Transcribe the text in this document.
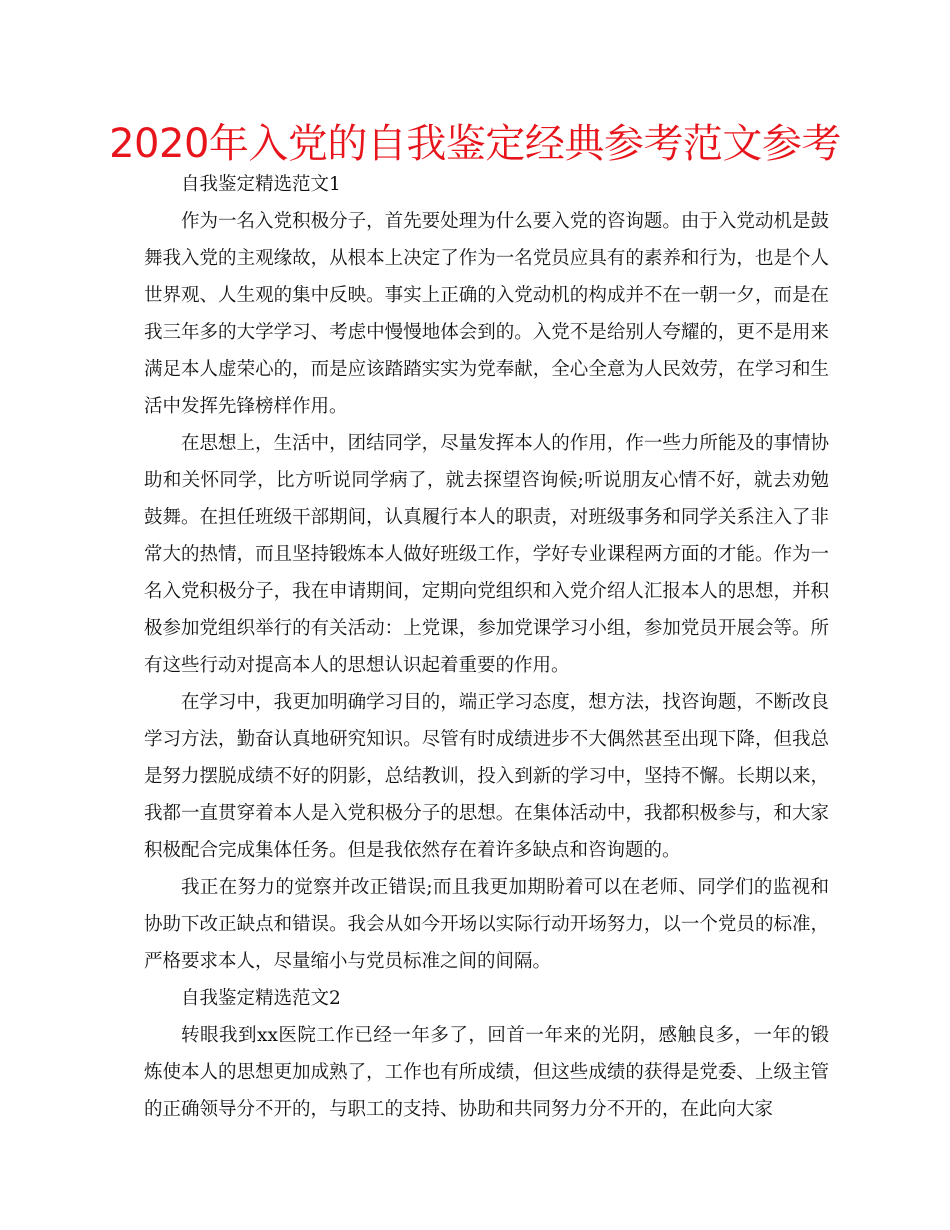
2020年入党的自我鉴定经典参考范文参考

自我鉴定精选范文1

作为一名入党积极分子，首先要处理为什么要入党的咨询题。由于入党动机是鼓舞我入党的主观缘故，从根本上决定了作为一名党员应具有的素养和行为，也是个人世界观、人生观的集中反映。事实上正确的入党动机的构成并不在一朝一夕，而是在我三年多的大学学习、考虑中慢慢地体会到的。入党不是给别人夸耀的，更不是用来满足本人虚荣心的，而是应该踏踏实实为党奉献，全心全意为人民效劳，在学习和生活中发挥先锋榜样作用。

在思想上，生活中，团结同学，尽量发挥本人的作用，作一些力所能及的事情协助和关怀同学，比方听说同学病了，就去探望咨询候;听说朋友心情不好，就去劝勉鼓舞。在担任班级干部期间，认真履行本人的职责，对班级事务和同学关系注入了非常大的热情，而且坚持锻炼本人做好班级工作，学好专业课程两方面的才能。作为一名入党积极分子，我在申请期间，定期向党组织和入党介绍人汇报本人的思想，并积极参加党组织举行的有关活动：上党课，参加党课学习小组，参加党员开展会等。所有这些行动对提高本人的思想认识起着重要的作用。

在学习中，我更加明确学习目的，端正学习态度，想方法，找咨询题，不断改良学习方法，勤奋认真地研究知识。尽管有时成绩进步不大偶然甚至出现下降，但我总是努力摆脱成绩不好的阴影，总结教训，投入到新的学习中，坚持不懈。长期以来，我都一直贯穿着本人是入党积极分子的思想。在集体活动中，我都积极参与，和大家积极配合完成集体任务。但是我依然存在着许多缺点和咨询题的。

我正在努力的觉察并改正错误;而且我更加期盼着可以在老师、同学们的监视和协助下改正缺点和错误。我会从如今开场以实际行动开场努力，以一个党员的标准，严格要求本人，尽量缩小与党员标准之间的间隔。

自我鉴定精选范文2

转眼我到xx医院工作已经一年多了，回首一年来的光阴，感触良多，一年的锻炼使本人的思想更加成熟了，工作也有所成绩，但这些成绩的获得是党委、上级主管的正确领导分不开的，与职工的支持、协助和共同努力分不开的，在此向大家
